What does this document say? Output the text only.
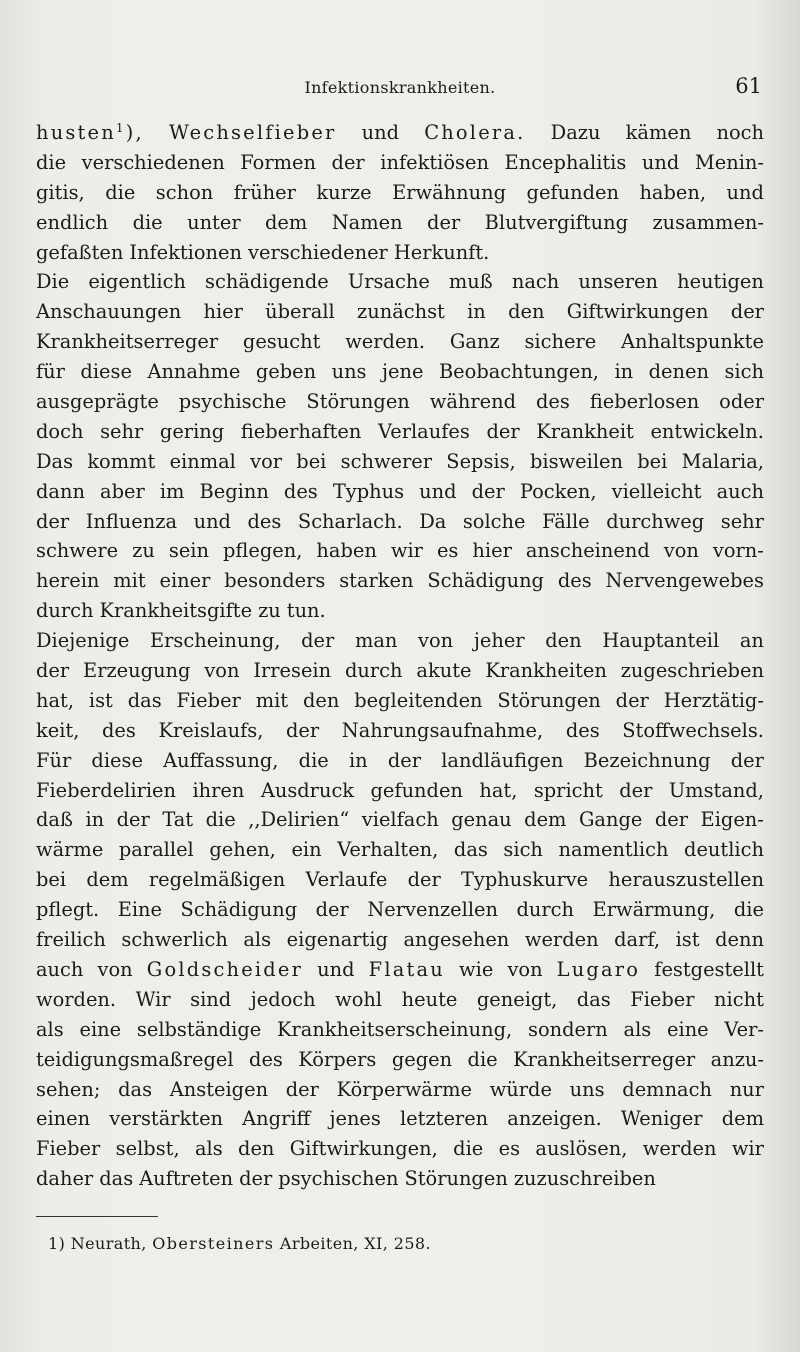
Infektionskrankheiten.	61
husten$^1$), Wechselfieber und Cholera. Dazu kämen noch
die verschiedenen Formen der infektiösen Encephalitis und Menin-
gitis, die schon früher kurze Erwähnung gefunden haben, und
endlich die unter dem Namen der Blutvergiftung zusammen-
gefaßten Infektionen verschiedener Herkunft.
Die eigentlich schädigende Ursache muß nach unseren heutigen
Anschauungen hier überall zunächst in den Giftwirkungen der
Krankheitserreger gesucht werden. Ganz sichere Anhaltspunkte
für diese Annahme geben uns jene Beobachtungen, in denen sich
ausgeprägte psychische Störungen während des fieberlosen oder
doch sehr gering fieberhaften Verlaufes der Krankheit entwickeln.
Das kommt einmal vor bei schwerer Sepsis, bisweilen bei Malaria,
dann aber im Beginn des Typhus und der Pocken, vielleicht auch
der Influenza und des Scharlach. Da solche Fälle durchweg sehr
schwere zu sein pflegen, haben wir es hier anscheinend von vorn-
herein mit einer besonders starken Schädigung des Nervengewebes
durch Krankheitsgifte zu tun.
Diejenige Erscheinung, der man von jeher den Hauptanteil an
der Erzeugung von Irresein durch akute Krankheiten zugeschrieben
hat, ist das Fieber mit den begleitenden Störungen der Herztätig-
keit, des Kreislaufs, der Nahrungsaufnahme, des Stoffwechsels.
Für diese Auffassung, die in der landläufigen Bezeichnung der
Fieberdelirien ihren Ausdruck gefunden hat, spricht der Umstand,
daß in der Tat die ,,Delirien“ vielfach genau dem Gange der Eigen-
wärme parallel gehen, ein Verhalten, das sich namentlich deutlich
bei dem regelmäßigen Verlaufe der Typhuskurve herauszustellen
pflegt. Eine Schädigung der Nervenzellen durch Erwärmung, die
freilich schwerlich als eigenartig angesehen werden darf, ist denn
auch von Goldscheider und Flatau wie von Lugaro festgestellt
worden. Wir sind jedoch wohl heute geneigt, das Fieber nicht
als eine selbständige Krankheitserscheinung, sondern als eine Ver-
teidigungsmaßregel des Körpers gegen die Krankheitserreger anzu-
sehen; das Ansteigen der Körperwärme würde uns demnach nur
einen verstärkten Angriff jenes letzteren anzeigen. Weniger dem
Fieber selbst, als den Giftwirkungen, die es auslösen, werden wir
daher das Auftreten der psychischen Störungen zuzuschreiben
1) Neurath, Obersteiners Arbeiten, XI, 258.
